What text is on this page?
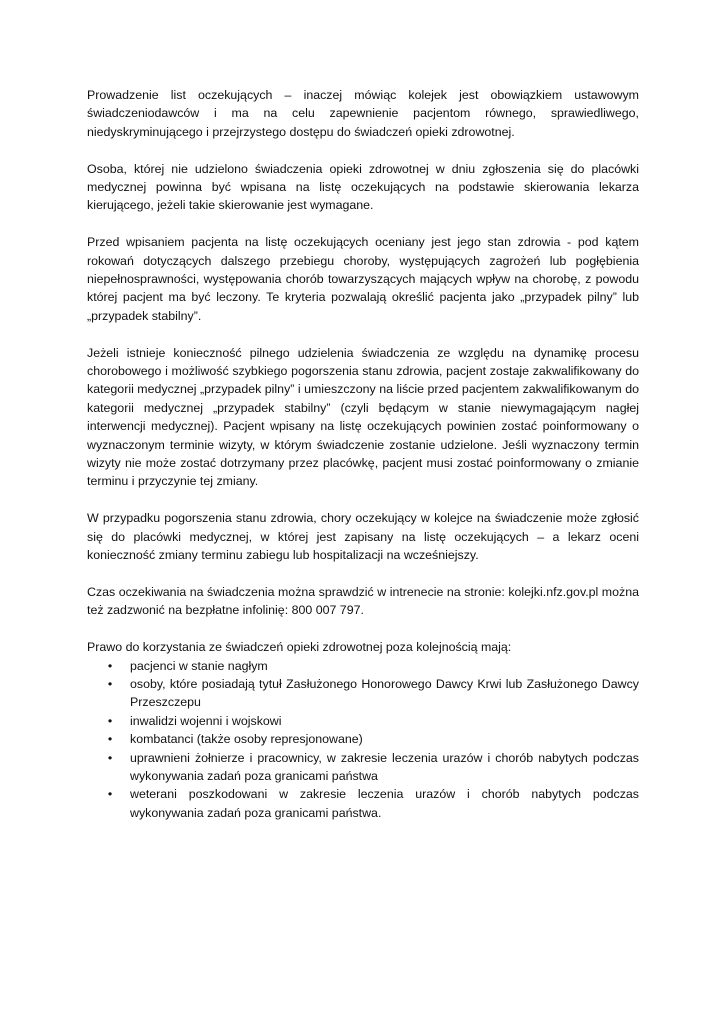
Prowadzenie list oczekujących – inaczej mówiąc kolejek jest obowiązkiem ustawowym świadczeniodawców i ma na celu zapewnienie pacjentom równego, sprawiedliwego, niedyskryminującego i przejrzystego dostępu do świadczeń opieki zdrowotnej.

Osoba, której nie udzielono świadczenia opieki zdrowotnej w dniu zgłoszenia się do placówki medycznej powinna być wpisana na listę oczekujących na podstawie skierowania lekarza kierującego, jeżeli takie skierowanie jest wymagane.

Przed wpisaniem pacjenta na listę oczekujących oceniany jest jego stan zdrowia - pod kątem rokowań dotyczących dalszego przebiegu choroby, występujących zagrożeń lub pogłębienia niepełnosprawności, występowania chorób towarzyszących mających wpływ na chorobę, z powodu której pacjent ma być leczony. Te kryteria pozwalają określić pacjenta jako „przypadek pilny” lub „przypadek stabilny”.

Jeżeli istnieje konieczność pilnego udzielenia świadczenia ze względu na dynamikę procesu chorobowego i możliwość szybkiego pogorszenia stanu zdrowia, pacjent zostaje zakwalifikowany do kategorii medycznej „przypadek pilny” i umieszczony na liście przed pacjentem zakwalifikowanym do kategorii medycznej „przypadek stabilny” (czyli będącym w stanie niewymagającym nagłej interwencji medycznej). Pacjent wpisany na listę oczekujących powinien zostać poinformowany o wyznaczonym terminie wizyty, w którym świadczenie zostanie udzielone. Jeśli wyznaczony termin wizyty nie może zostać dotrzymany przez placówkę, pacjent musi zostać poinformowany o zmianie terminu i przyczynie tej zmiany.

W przypadku pogorszenia stanu zdrowia, chory oczekujący w kolejce na świadczenie może zgłosić się do placówki medycznej, w której jest zapisany na listę oczekujących – a lekarz oceni konieczność zmiany terminu zabiegu lub hospitalizacji na wcześniejszy.

Czas oczekiwania na świadczenia można sprawdzić w intrenecie na stronie: kolejki.nfz.gov.pl można też zadzwonić na bezpłatne infolinię: 800 007 797.

Prawo do korzystania ze świadczeń opieki zdrowotnej poza kolejnością mają:

• pacjenci w stanie nagłym
• osoby, które posiadają tytuł Zasłużonego Honorowego Dawcy Krwi lub Zasłużonego Dawcy Przeszczepu
• inwalidzi wojenni i wojskowi
• kombatanci (także osoby represjonowane)
• uprawnieni żołnierze i pracownicy, w zakresie leczenia urazów i chorób nabytych podczas wykonywania zadań poza granicami państwa
• weterani poszkodowani w zakresie leczenia urazów i chorób nabytych podczas wykonywania zadań poza granicami państwa.
